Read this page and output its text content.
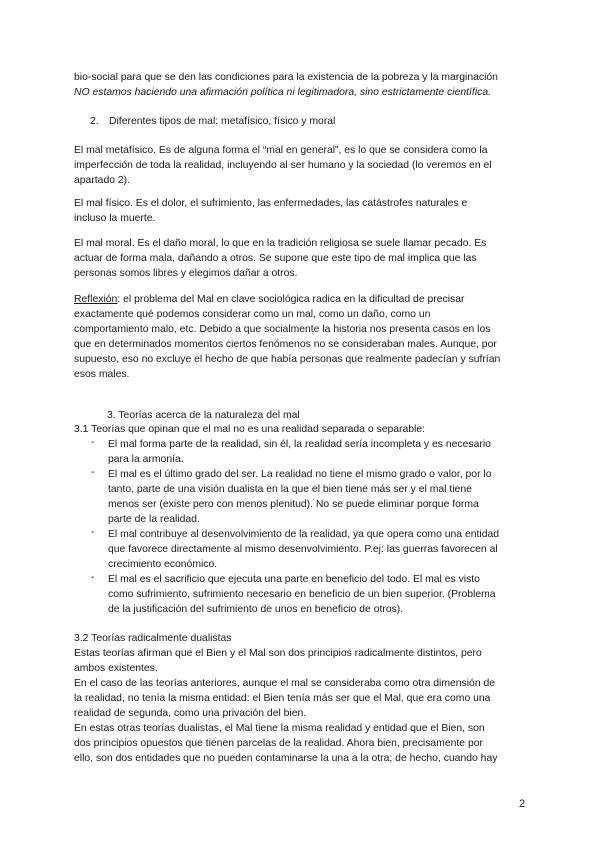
bio-social para que se den las condiciones para la existencia de la pobreza y la marginación
NO estamos haciendo una afirmación política ni legitimadora, sino estrictamente científica.
2. Diferentes tipos de mal: metafísico, físico y moral
El mal metafísico. Es de alguna forma el “mal en general”, es lo que se considera como la
imperfección de toda la realidad, incluyendo al ser humano y la sociedad (lo veremos en el
apartado 2).
El mal físico. Es el dolor, el sufrimiento, las enfermedades, las catástrofes naturales e
incluso la muerte.
El mal moral. Es el daño moral, lo que en la tradición religiosa se suele llamar pecado. Es
actuar de forma mala, dañando a otros. Se supone que este tipo de mal implica que las
personas somos libres y elegimos dañar a otros.
Reflexión: el problema del Mal en clave sociológica radica en la dificultad de precisar
exactamente qué podemos considerar como un mal, como un daño, como un
comportamiento malo, etc. Debido a que socialmente la historia nos presenta casos en los
que en determinados momentos ciertos fenómenos no se consideraban males. Aunque, por
supuesto, eso no excluye el hecho de que había personas que realmente padecían y sufrían
esos males.
3. Teorías acerca de la naturaleza del mal
3.1 Teorías que opinan que el mal no es una realidad separada o separable:
- El mal forma parte de la realidad, sin él, la realidad sería incompleta y es necesario
para la armonía.
- El mal es el último grado del ser. La realidad no tiene el mismo grado o valor, por lo
tanto, parte de una visión dualista en la que el bien tiene más ser y el mal tiene
menos ser (existe pero con menos plenitud). No se puede eliminar porque forma
parte de la realidad.
- El mal contribuye al desenvolvimiento de la realidad, ya que opera como una entidad
que favorece directamente al mismo desenvolvimiento. P.ej: las guerras favorecen al
crecimiento económico.
- El mal es el sacrificio que ejecuta una parte en beneficio del todo. El mal es visto
como sufrimiento, sufrimiento necesario en beneficio de un bien superior. (Problema
de la justificación del sufrimiento de unos en beneficio de otros).
3.2 Teorías radicalmente dualistas
Estas teorías afirman que el Bien y el Mal son dos principios radicalmente distintos, pero
ambos existentes.
En el caso de las teorías anteriores, aunque el mal se consideraba como otra dimensión de
la realidad, no tenía la misma entidad: el Bien tenía más ser que el Mal, que era como una
realidad de segunda, como una privación del bien.
En estas otras teorías dualistas, el Mal tiene la misma realidad y entidad que el Bien, son
dos principios opuestos que tienen parcelas de la realidad. Ahora bien, precisamente por
ello, son dos entidades que no pueden contaminarse la una a la otra; de hecho, cuando hay
2
